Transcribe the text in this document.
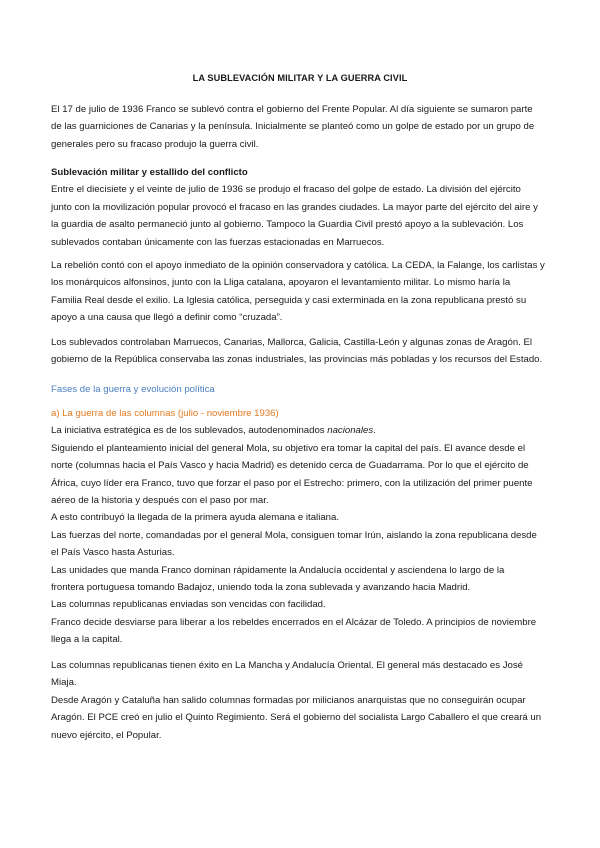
LA SUBLEVACIÓN MILITAR Y LA GUERRA CIVIL
El 17 de julio de 1936 Franco se sublevó contra el gobierno del Frente Popular. Al día siguiente se sumaron parte
de las guarniciones de Canarias y la península. Inicialmente se planteó como un golpe de estado por un grupo de
generales pero su fracaso produjo la guerra civil.
Sublevación militar y estallido del conflicto
Entre el diecisiete y el veinte de julio de 1936 se produjo el fracaso del golpe de estado. La división del ejército
junto con la movilización popular provocó el fracaso en las grandes ciudades. La mayor parte del ejército del aire y
la guardia de asalto permaneció junto al gobierno. Tampoco la Guardia Civil prestó apoyo a la sublevación. Los
sublevados contaban únicamente con las fuerzas estacionadas en Marruecos.
La rebelión contó con el apoyo inmediato de la opinión conservadora y católica. La CEDA, la Falange, los carlistas y
los monárquicos alfonsinos, junto con la Lliga catalana, apoyaron el levantamiento militar. Lo mismo haría la
Familia Real desde el exilio. La Iglesia católica, perseguida y casi exterminada en la zona republicana prestó su
apoyo a una causa que llegó a definir como “cruzada”.
Los sublevados controlaban Marruecos, Canarias, Mallorca, Galicia, Castilla-León y algunas zonas de Aragón. El
gobierno de la República conservaba las zonas industriales, las provincias más pobladas y los recursos del Estado.
Fases de la guerra y evolución política
a) La guerra de las columnas (julio - noviembre 1936)
La iniciativa estratégica es de los sublevados, autodenominados nacionales.
Siguiendo el planteamiento inicial del general Mola, su objetivo era tomar la capital del país. El avance desde el
norte (columnas hacia el País Vasco y hacia Madrid) es detenido cerca de Guadarrama. Por lo que el ejército de
África, cuyo líder era Franco, tuvo que forzar el paso por el Estrecho: primero, con la utilización del primer puente
aéreo de la historia y después con el paso por mar.
A esto contribuyó la llegada de la primera ayuda alemana e italiana.
Las fuerzas del norte, comandadas por el general Mola, consiguen tomar Irún, aislando la zona republicana desde
el País Vasco hasta Asturias.
Las unidades que manda Franco dominan rápidamente la Andalucía occidental y asciendena lo largo de la
frontera portuguesa tomando Badajoz, uniendo toda la zona sublevada y avanzando hacia Madrid.
Las columnas republicanas enviadas son vencidas con facilidad.
Franco decide desviarse para liberar a los rebeldes encerrados en el Alcázar de Toledo. A principios de noviembre
llega a la capital.
Las columnas republicanas tienen éxito en La Mancha y Andalucía Oriental. El general más destacado es José
Miaja.
Desde Aragón y Cataluña han salido columnas formadas por milicianos anarquistas que no conseguirán ocupar
Aragón. El PCE creó en julio el Quinto Regimiento. Será el gobierno del socialista Largo Caballero el que creará un
nuevo ejército, el Popular.
